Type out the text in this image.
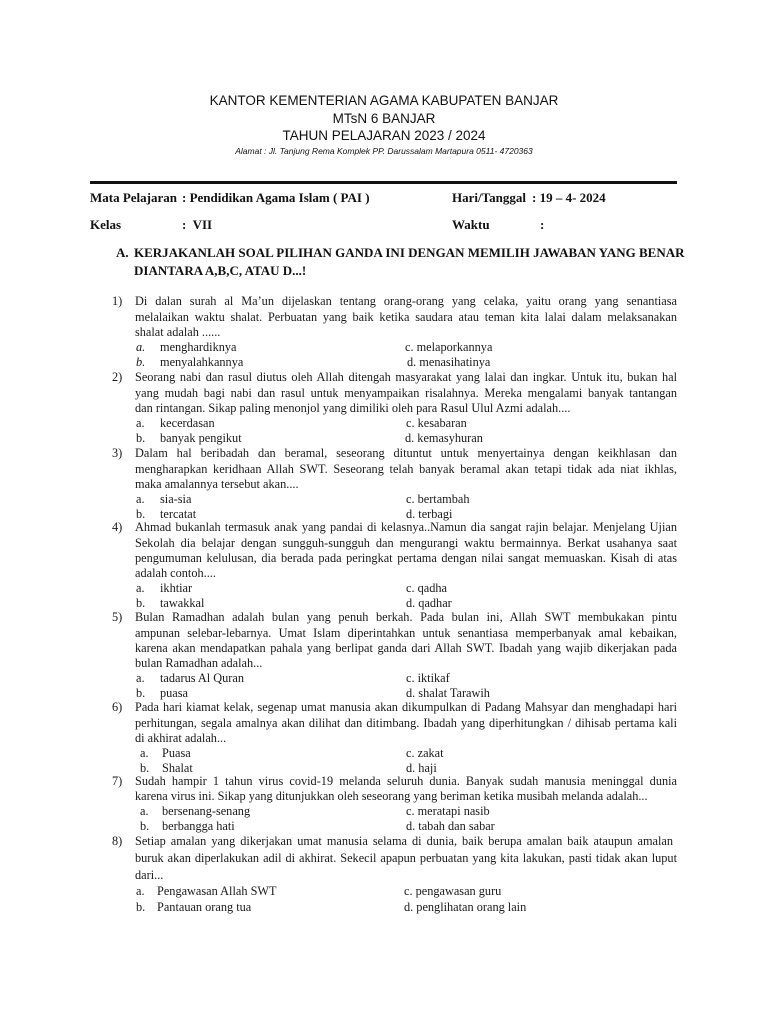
KANTOR KEMENTERIAN AGAMA KABUPATEN BANJAR
MTsN 6 BANJAR
TAHUN PELAJARAN 2023 / 2024
Alamat : Jl. Tanjung Rema Komplek PP. Darussalam Martapura 0511- 4720363
Mata Pelajaran : Pendidikan Agama Islam ( PAI )	Hari/Tanggal : 19 – 4- 2024
Kelas	:  VII	Waktu	:
A. KERJAKANLAH SOAL PILIHAN GANDA INI DENGAN MEMILIH JAWABAN YANG BENAR
DIANTARA A,B,C, ATAU D...!
1) Di dalan surah al Ma’un dijelaskan tentang orang-orang yang celaka, yaitu orang yang senantiasa
melalaikan waktu shalat. Perbuatan yang baik ketika saudara atau teman kita lalai dalam melaksanakan
shalat adalah ......
a. menghardiknya
b. menyalahkannya
c. melaporkannya
d. menasihatinya
2) Seorang nabi dan rasul diutus oleh Allah ditengah masyarakat yang lalai dan ingkar. Untuk itu, bukan hal
yang mudah bagi nabi dan rasul untuk menyampaikan risalahnya. Mereka mengalami banyak tantangan
dan rintangan. Sikap paling menonjol yang dimiliki oleh para Rasul Ulul Azmi adalah....
a. kecerdasan
b. banyak pengikut
c. kesabaran
d. kemasyhuran
3) Dalam hal beribadah dan beramal, seseorang dituntut untuk menyertainya dengan keikhlasan dan
mengharapkan keridhaan Allah SWT. Seseorang telah banyak beramal akan tetapi tidak ada niat ikhlas,
maka amalannya tersebut akan....
a. sia-sia
b. tercatat
c. bertambah
d. terbagi
4) Ahmad bukanlah termasuk anak yang pandai di kelasnya..Namun dia sangat rajin belajar. Menjelang Ujian
Sekolah dia belajar dengan sungguh-sungguh dan mengurangi waktu bermainnya. Berkat usahanya saat
pengumuman kelulusan, dia berada pada peringkat pertama dengan nilai sangat memuaskan. Kisah di atas
adalah contoh....
a. ikhtiar
b. tawakkal
c. qadha
d. qadhar
5) Bulan Ramadhan adalah bulan yang penuh berkah. Pada bulan ini, Allah SWT membukakan pintu
ampunan selebar-lebarnya. Umat Islam diperintahkan untuk senantiasa memperbanyak amal kebaikan,
karena akan mendapatkan pahala yang berlipat ganda dari Allah SWT. Ibadah yang wajib dikerjakan pada
bulan Ramadhan adalah...
a. tadarus Al Quran
b. puasa
c. iktikaf
d. shalat Tarawih
6) Pada hari kiamat kelak, segenap umat manusia akan dikumpulkan di Padang Mahsyar dan menghadapi hari
perhitungan, segala amalnya akan dilihat dan ditimbang. Ibadah yang diperhitungkan / dihisab pertama kali
di akhirat adalah...
a. Puasa
b. Shalat
c. zakat
d. haji
7) Sudah hampir 1 tahun virus covid-19 melanda seluruh dunia. Banyak sudah manusia meninggal dunia
karena virus ini. Sikap yang ditunjukkan oleh seseorang yang beriman ketika musibah melanda adalah...
a. bersenang-senang
b. berbangga hati
c. meratapi nasib
d. tabah dan sabar
8) Setiap amalan yang dikerjakan umat manusia selama di dunia, baik berupa amalan baik ataupun amalan
buruk akan diperlakukan adil di akhirat. Sekecil apapun perbuatan yang kita lakukan, pasti tidak akan luput
dari...
a. Pengawasan Allah SWT
b. Pantauan orang tua
c. pengawasan guru
d. penglihatan orang lain
